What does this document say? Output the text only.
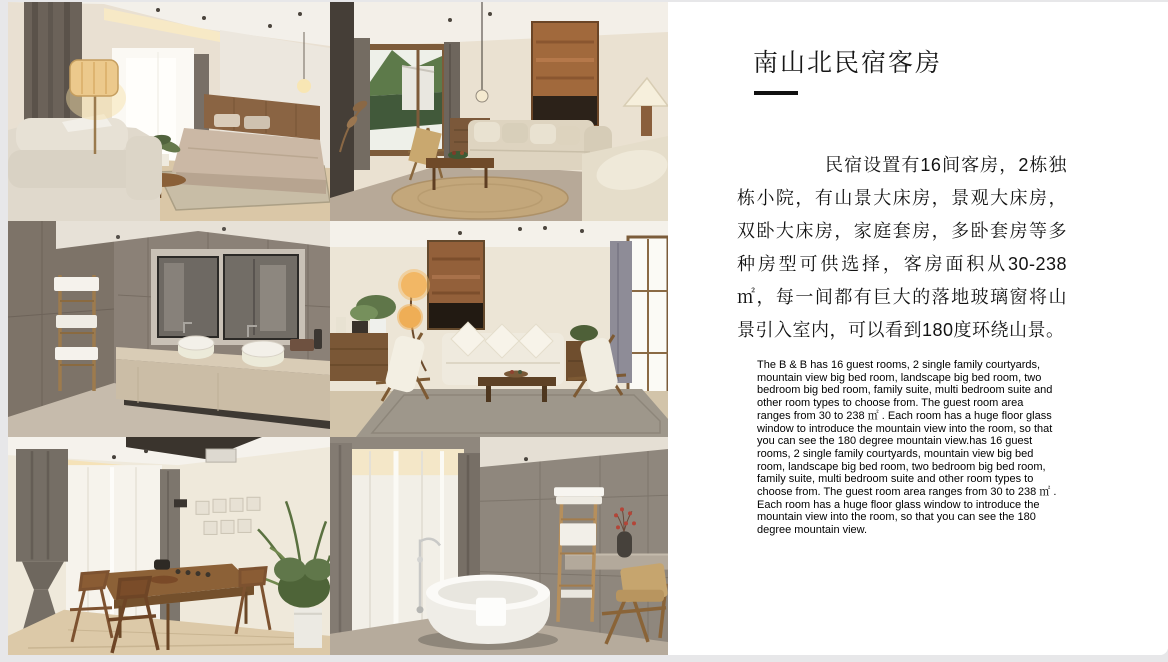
南山北民宿客房

民宿设置有16间客房，2栋独栋小院，有山景大床房，景观大床房，双卧大床房，家庭套房，多卧套房等多种房型可供选择，客房面积从30-238㎡，每一间都有巨大的落地玻璃窗将山景引入室内，可以看到180度环绕山景。

The B & B has 16 guest rooms, 2 single family courtyards, mountain view big bed room, landscape big bed room, two bedroom big bed room, family suite, multi bedroom suite and other room types to choose from. The guest room area ranges from 30 to 238 ㎡ . Each room has a huge floor glass window to introduce the mountain view into the room, so that you can see the 180 degree mountain view.has 16 guest rooms, 2 single family courtyards, mountain view big bed room, landscape big bed room, two bedroom big bed room, family suite, multi bedroom suite and other room types to choose from. The guest room area ranges from 30 to 238 ㎡ . Each room has a huge floor glass window to introduce the mountain view into the room, so that you can see the 180 degree mountain view.
